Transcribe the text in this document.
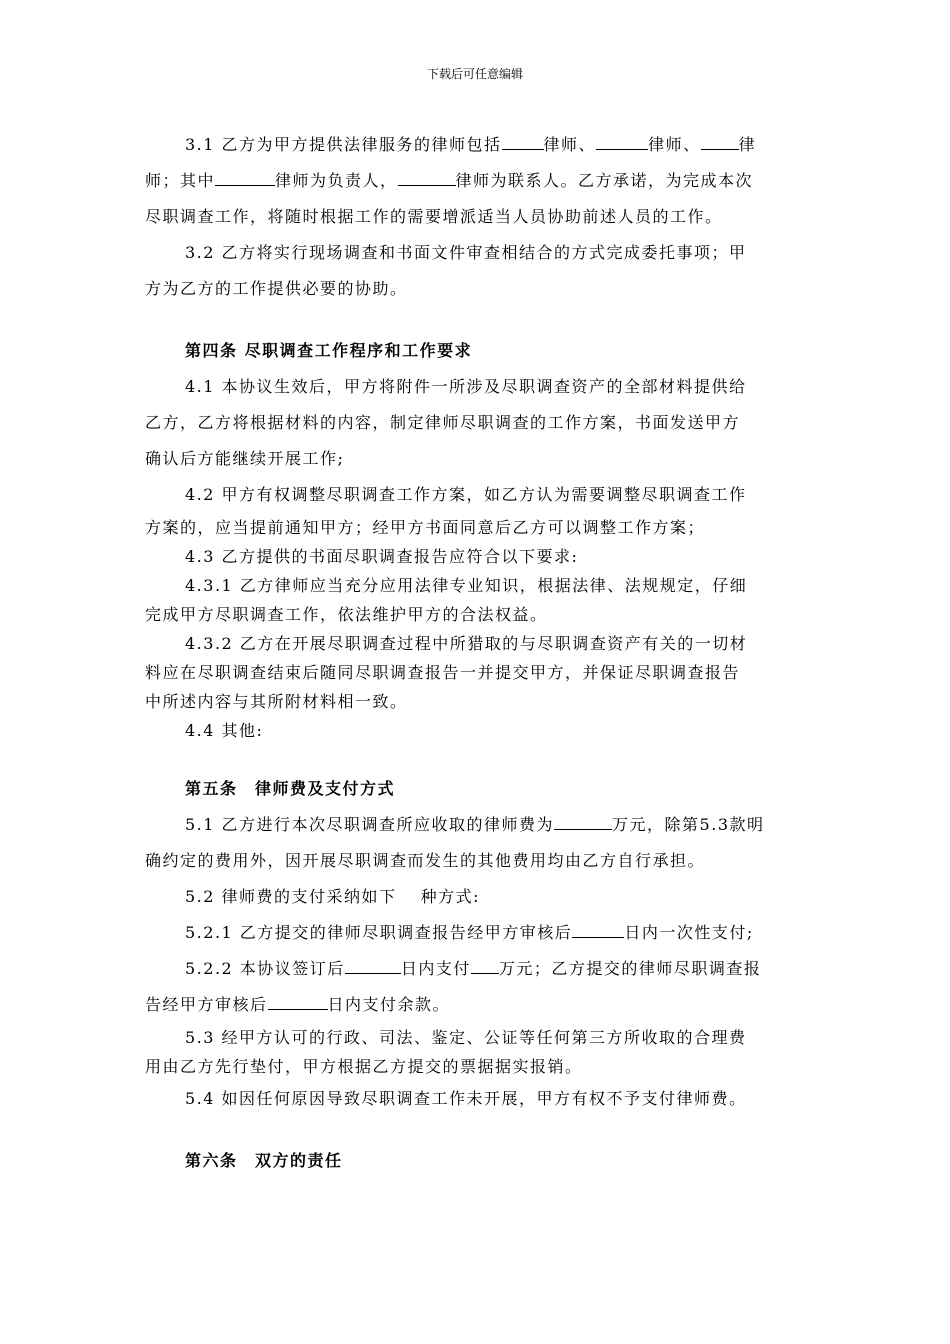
下载后可任意编辑
3.1 乙方为甲方提供法律服务的律师包括	律师、	律师、 律
师；其中	律师为负责人，	律师为联系人。乙方承诺，为完成本次
尽职调查工作，将随时根据工作的需要增派适当人员协助前述人员的工作。
3.2 乙方将实行现场调查和书面文件审查相结合的方式完成委托事项；甲
方为乙方的工作提供必要的协助。
第四条 尽职调查工作程序和工作要求
4.1 本协议生效后，甲方将附件一所涉及尽职调查资产的全部材料提供给
乙方，乙方将根据材料的内容，制定律师尽职调查的工作方案，书面发送甲方
确认后方能继续开展工作;
4.2 甲方有权调整尽职调查工作方案，如乙方认为需要调整尽职调查工作
方案的，应当提前通知甲方；经甲方书面同意后乙方可以调整工作方案；
4.3 乙方提供的书面尽职调查报告应符合以下要求:
4.3.1 乙方律师应当充分应用法律专业知识，根据法律、法规规定，仔细
完成甲方尽职调查工作，依法维护甲方的合法权益。
4.3.2 乙方在开展尽职调查过程中所猎取的与尽职调查资产有关的一切材
料应在尽职调查结束后随同尽职调查报告一并提交甲方，并保证尽职调查报告
中所述内容与其所附材料相一致。
4.4 其他:
第五条　律师费及支付方式
5.1 乙方进行本次尽职调查所应收取的律师费为	万元，除第5.3款明
确约定的费用外，因开展尽职调查而发生的其他费用均由乙方自行承担。
5.2 律师费的支付采纳如下　 种方式:
5.2.1 乙方提交的律师尽职调查报告经甲方审核后	日内一次性支付;
5.2.2 本协议签订后	日内支付 万元；乙方提交的律师尽职调查报
告经甲方审核后	日内支付余款。
5.3 经甲方认可的行政、司法、鉴定、公证等任何第三方所收取的合理费
用由乙方先行垫付，甲方根据乙方提交的票据据实报销。
5.4 如因任何原因导致尽职调查工作未开展，甲方有权不予支付律师费。
第六条　双方的责任
